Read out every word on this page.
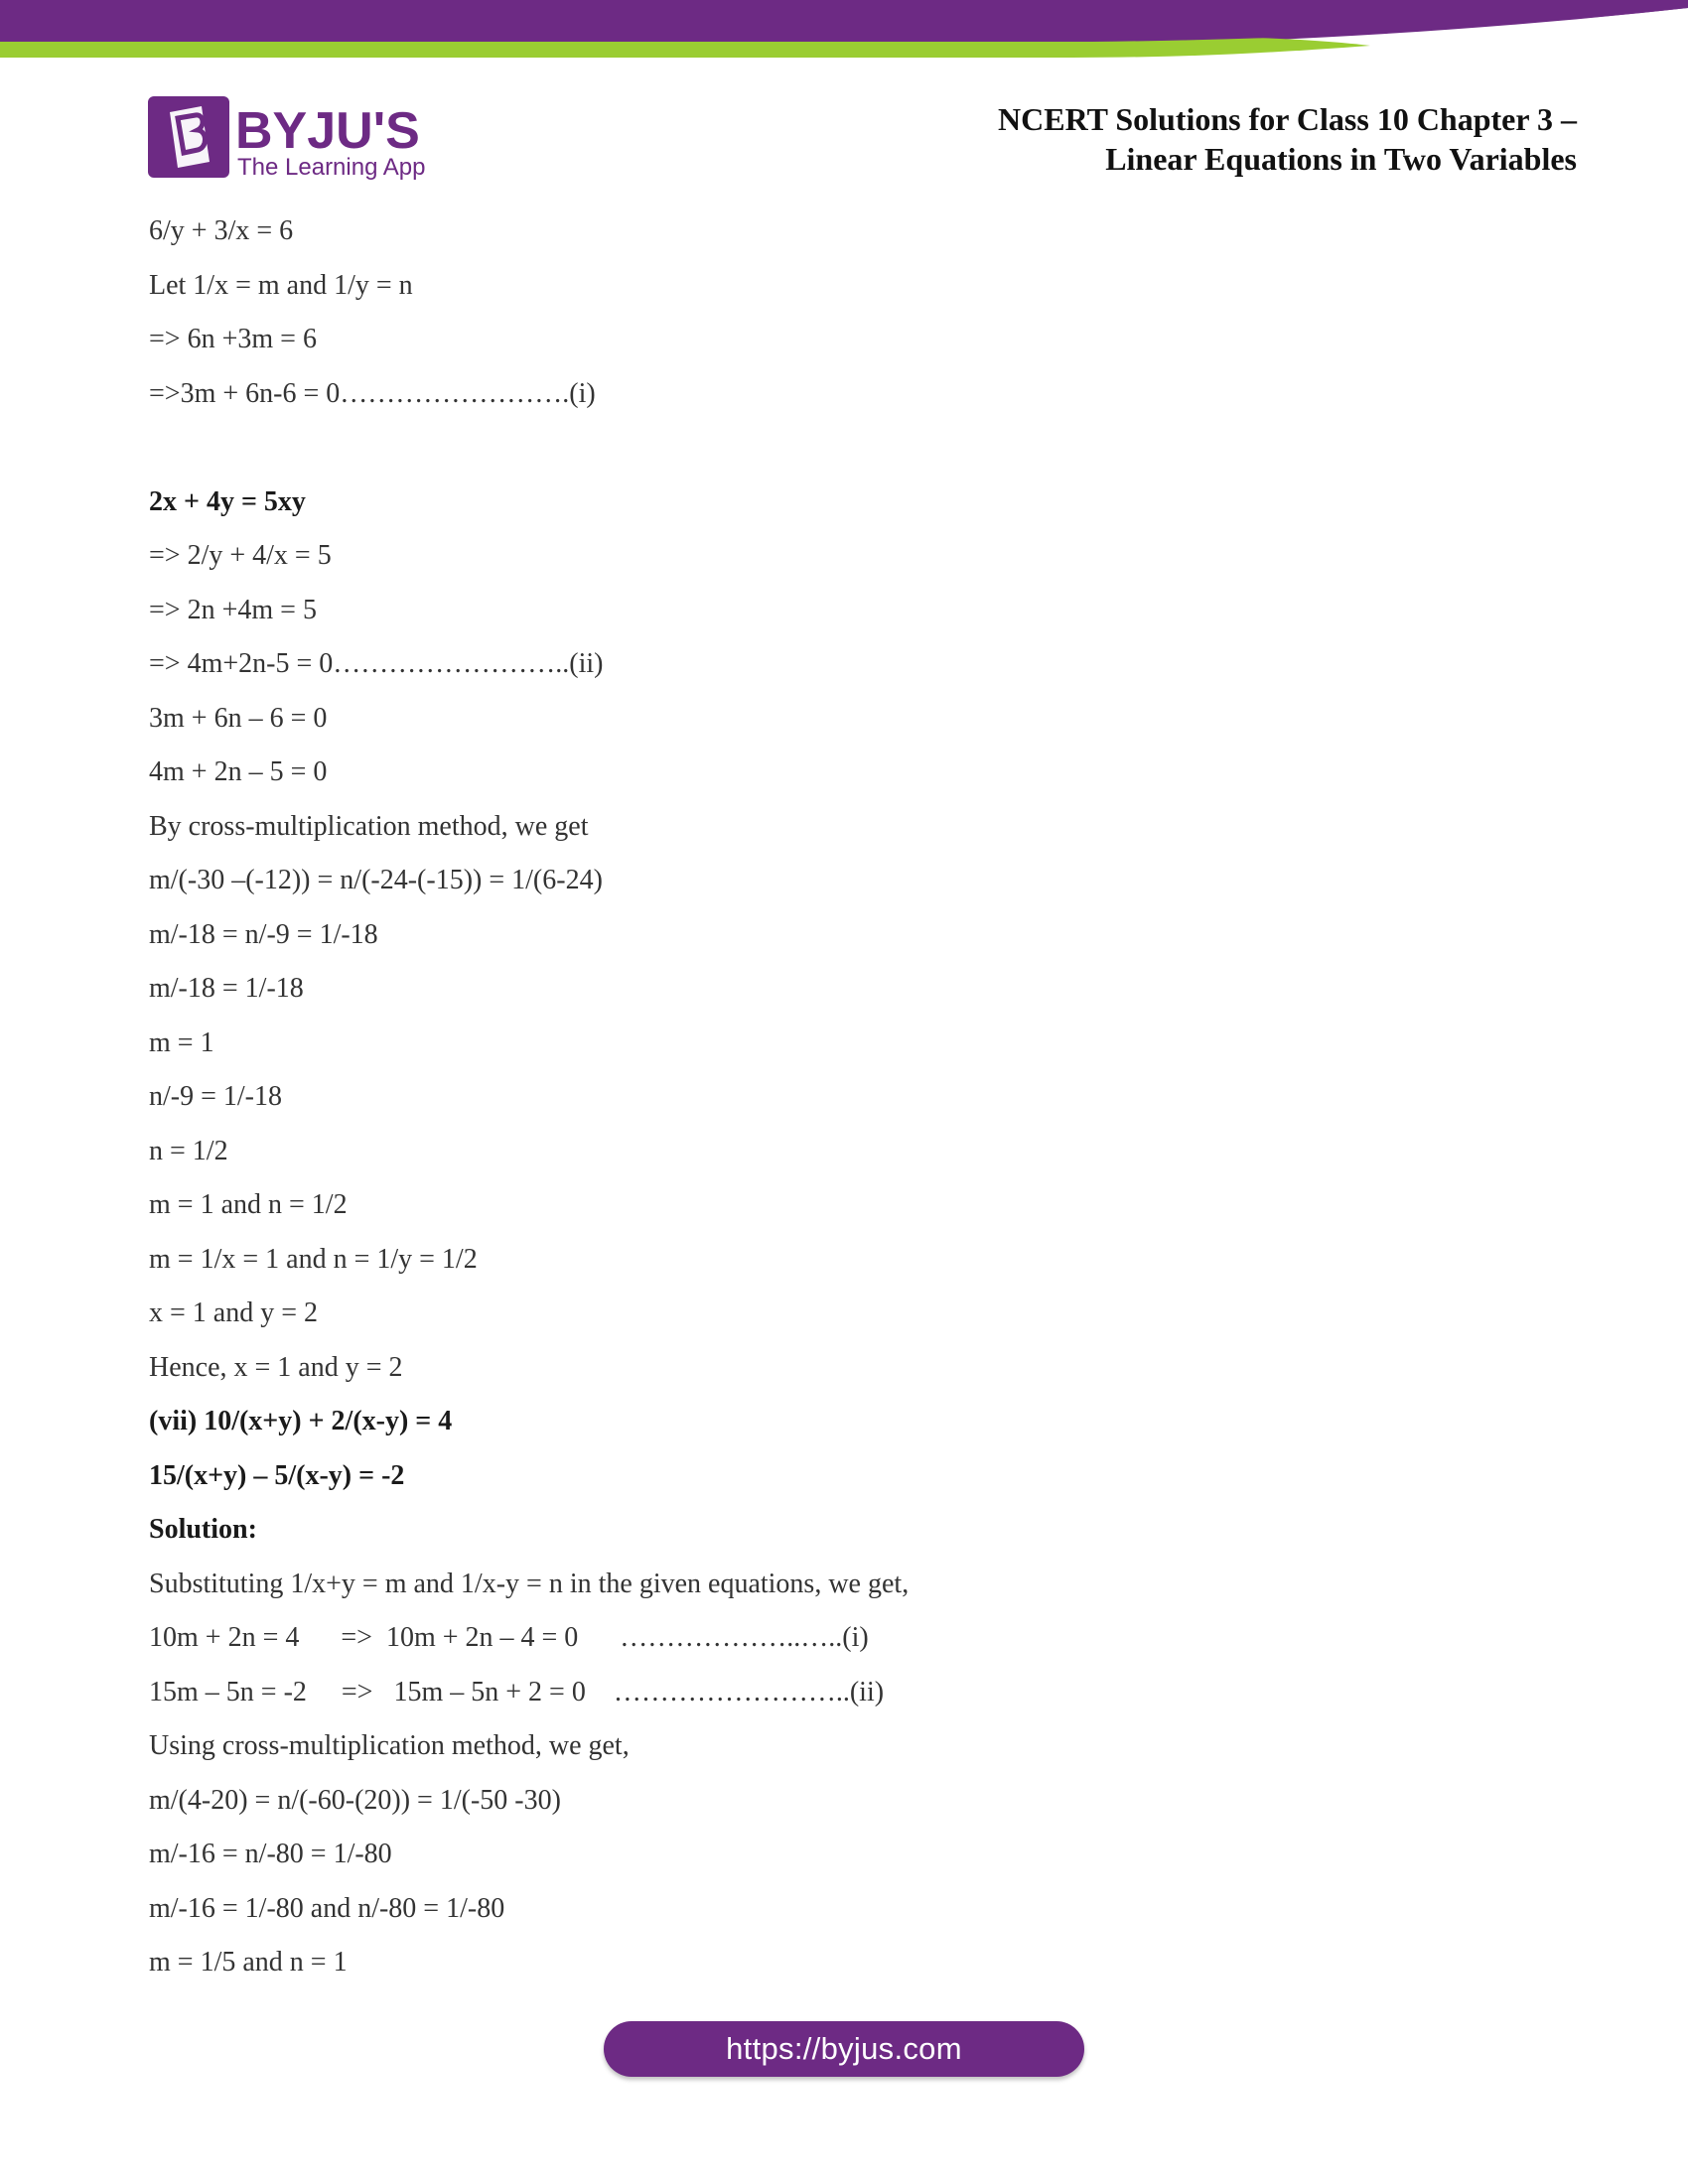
BYJU'S
The Learning App
NCERT Solutions for Class 10 Chapter 3 –
Linear Equations in Two Variables
6/y + 3/x = 6
Let 1/x = m and 1/y = n
=> 6n +3m = 6
=>3m + 6n-6 = 0…………………….(i)
2x + 4y = 5xy
=> 2/y + 4/x = 5
=> 2n +4m = 5
=> 4m+2n-5 = 0……………………..(ii)
3m + 6n – 6 = 0
4m + 2n – 5 = 0
By cross-multiplication method, we get
m/(-30 –(-12)) = n/(-24-(-15)) = 1/(6-24)
m/-18 = n/-9 = 1/-18
m/-18 = 1/-18
m = 1
n/-9 = 1/-18
n = 1/2
m = 1 and n = 1/2
m = 1/x = 1 and n = 1/y = 1/2
x = 1 and y = 2
Hence, x = 1 and y = 2
(vii) 10/(x+y) + 2/(x-y) = 4
15/(x+y) – 5/(x-y) = -2
Solution:
Substituting 1/x+y = m and 1/x-y = n in the given equations, we get,
10m + 2n = 4      =>  10m + 2n – 4 = 0      ………………..…..(i)
15m – 5n = -2     =>   15m – 5n + 2 = 0    ……………………..(ii)
Using cross-multiplication method, we get,
m/(4-20) = n/(-60-(20)) = 1/(-50 -30)
m/-16 = n/-80 = 1/-80
m/-16 = 1/-80 and n/-80 = 1/-80
m = 1/5 and n = 1
https://byjus.com
